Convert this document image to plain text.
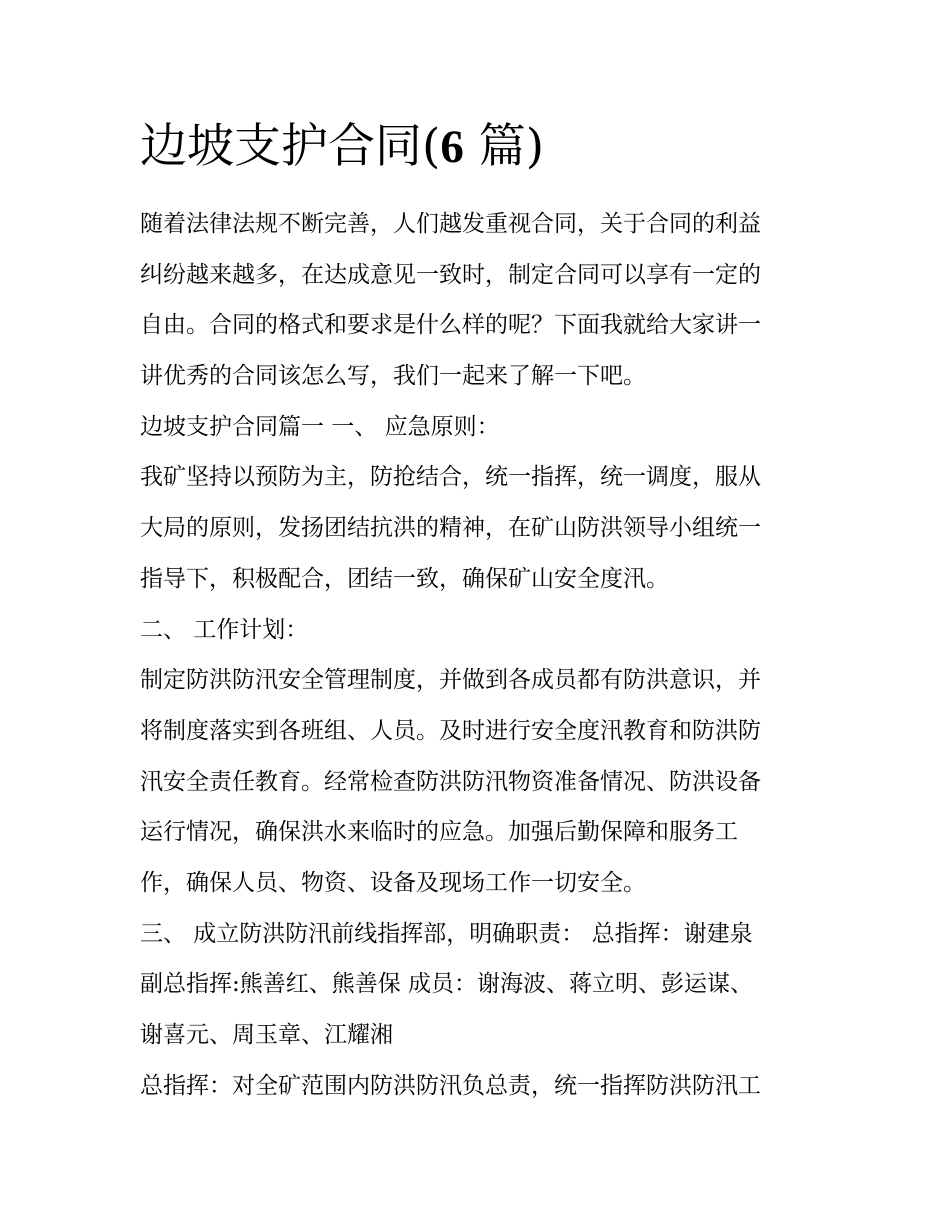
边坡支护合同(6 篇)
随着法律法规不断完善，人们越发重视合同，关于合同的利益
纠纷越来越多，在达成意见一致时，制定合同可以享有一定的
自由。合同的格式和要求是什么样的呢？下面我就给大家讲一
讲优秀的合同该怎么写，我们一起来了解一下吧。
边坡支护合同篇一 一、 应急原则：
我矿坚持以预防为主，防抢结合，统一指挥，统一调度，服从
大局的原则，发扬团结抗洪的精神，在矿山防洪领导小组统一
指导下，积极配合，团结一致，确保矿山安全度汛。
二、 工作计划：
制定防洪防汛安全管理制度，并做到各成员都有防洪意识，并
将制度落实到各班组、人员。及时进行安全度汛教育和防洪防
汛安全责任教育。经常检查防洪防汛物资准备情况、防洪设备
运行情况，确保洪水来临时的应急。加强后勤保障和服务工
作，确保人员、物资、设备及现场工作一切安全。
三、 成立防洪防汛前线指挥部，明确职责： 总指挥：谢建泉
副总指挥:熊善红、熊善保 成员：谢海波、蒋立明、彭运谋、
谢喜元、周玉章、江耀湘
总指挥：对全矿范围内防洪防汛负总责，统一指挥防洪防汛工
